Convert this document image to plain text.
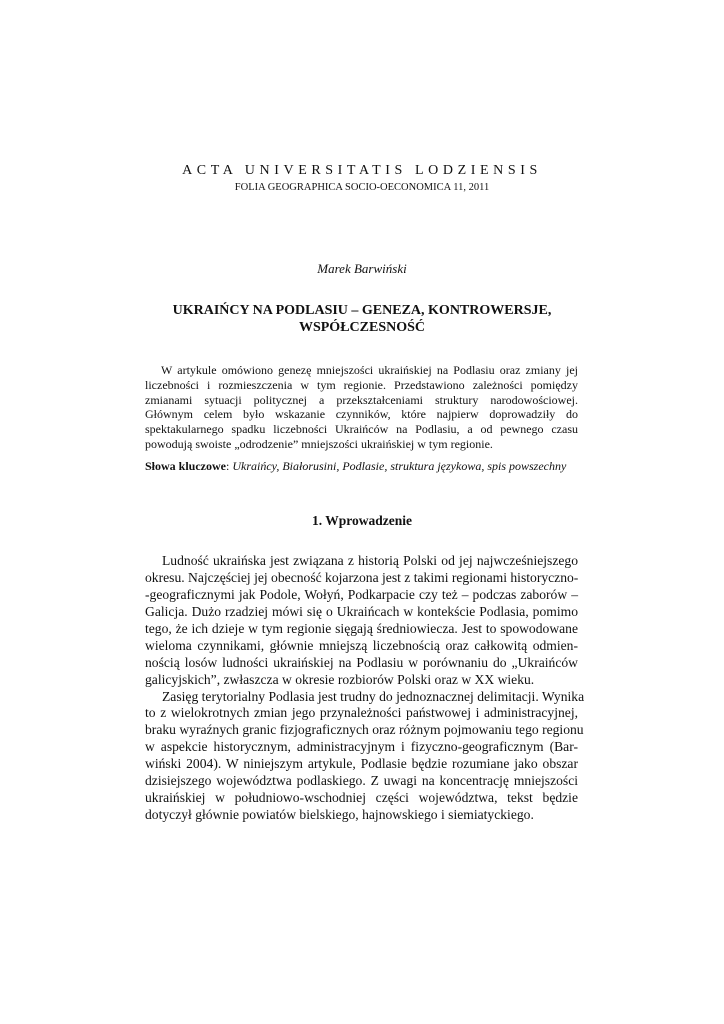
ACTA UNIVERSITATIS LODZIENSIS
FOLIA GEOGRAPHICA SOCIO-OECONOMICA 11, 2011
Marek Barwiński
UKRAIŃCY NA PODLASIU – GENEZA, KONTROWERSJE,
WSPÓŁCZESNOŚĆ
W artykule omówiono genezę mniejszości ukraińskiej na Podlasiu oraz zmiany jej
liczebności i rozmieszczenia w tym regionie. Przedstawiono zależności pomiędzy
zmianami sytuacji politycznej a przekształceniami struktury narodowościowej.
Głównym celem było wskazanie czynników, które najpierw doprowadziły do
spektakularnego spadku liczebności Ukraińców na Podlasiu, a od pewnego czasu
powodują swoiste „odrodzenie” mniejszości ukraińskiej w tym regionie.
Słowa kluczowe: Ukraińcy, Białorusini, Podlasie, struktura językowa, spis powszechny
1. Wprowadzenie
Ludność ukraińska jest związana z historią Polski od jej najwcześniejszego
okresu. Najczęściej jej obecność kojarzona jest z takimi regionami historyczno-
-geograficznymi jak Podole, Wołyń, Podkarpacie czy też – podczas zaborów –
Galicja. Dużo rzadziej mówi się o Ukraińcach w kontekście Podlasia, pomimo
tego, że ich dzieje w tym regionie sięgają średniowiecza. Jest to spowodowane
wieloma czynnikami, głównie mniejszą liczebnością oraz całkowitą odmien-
nością losów ludności ukraińskiej na Podlasiu w porównaniu do „Ukraińców
galicyjskich”, zwłaszcza w okresie rozbiorów Polski oraz w XX wieku.
Zasięg terytorialny Podlasia jest trudny do jednoznacznej delimitacji. Wynika
to z wielokrotnych zmian jego przynależności państwowej i administracyjnej,
braku wyraźnych granic fizjograficznych oraz różnym pojmowaniu tego regionu
w aspekcie historycznym, administracyjnym i fizyczno-geograficznym (Bar-
wiński 2004). W niniejszym artykule, Podlasie będzie rozumiane jako obszar
dzisiejszego województwa podlaskiego. Z uwagi na koncentrację mniejszości
ukraińskiej w południowo-wschodniej części województwa, tekst będzie
dotyczył głównie powiatów bielskiego, hajnowskiego i siemiatyckiego.
